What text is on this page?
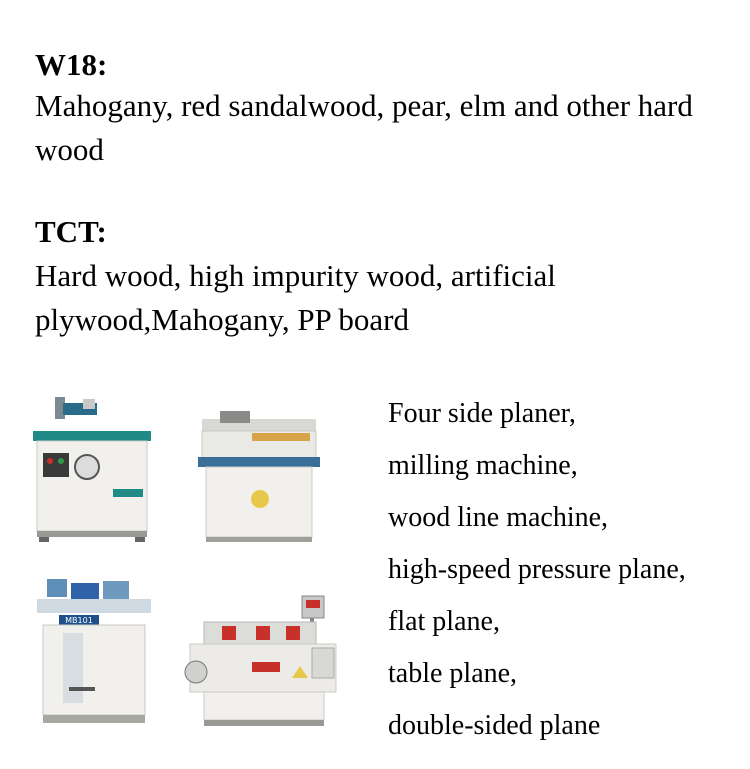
W18:

Mahogany, red sandalwood, pear, elm and other hard wood

TCT:

Hard wood, high impurity wood, artificial plywood,Mahogany, PP board

MB101
Four side planer,
milling machine,
wood line machine,
high-speed pressure plane,
flat plane,
table plane,
double-sided plane
